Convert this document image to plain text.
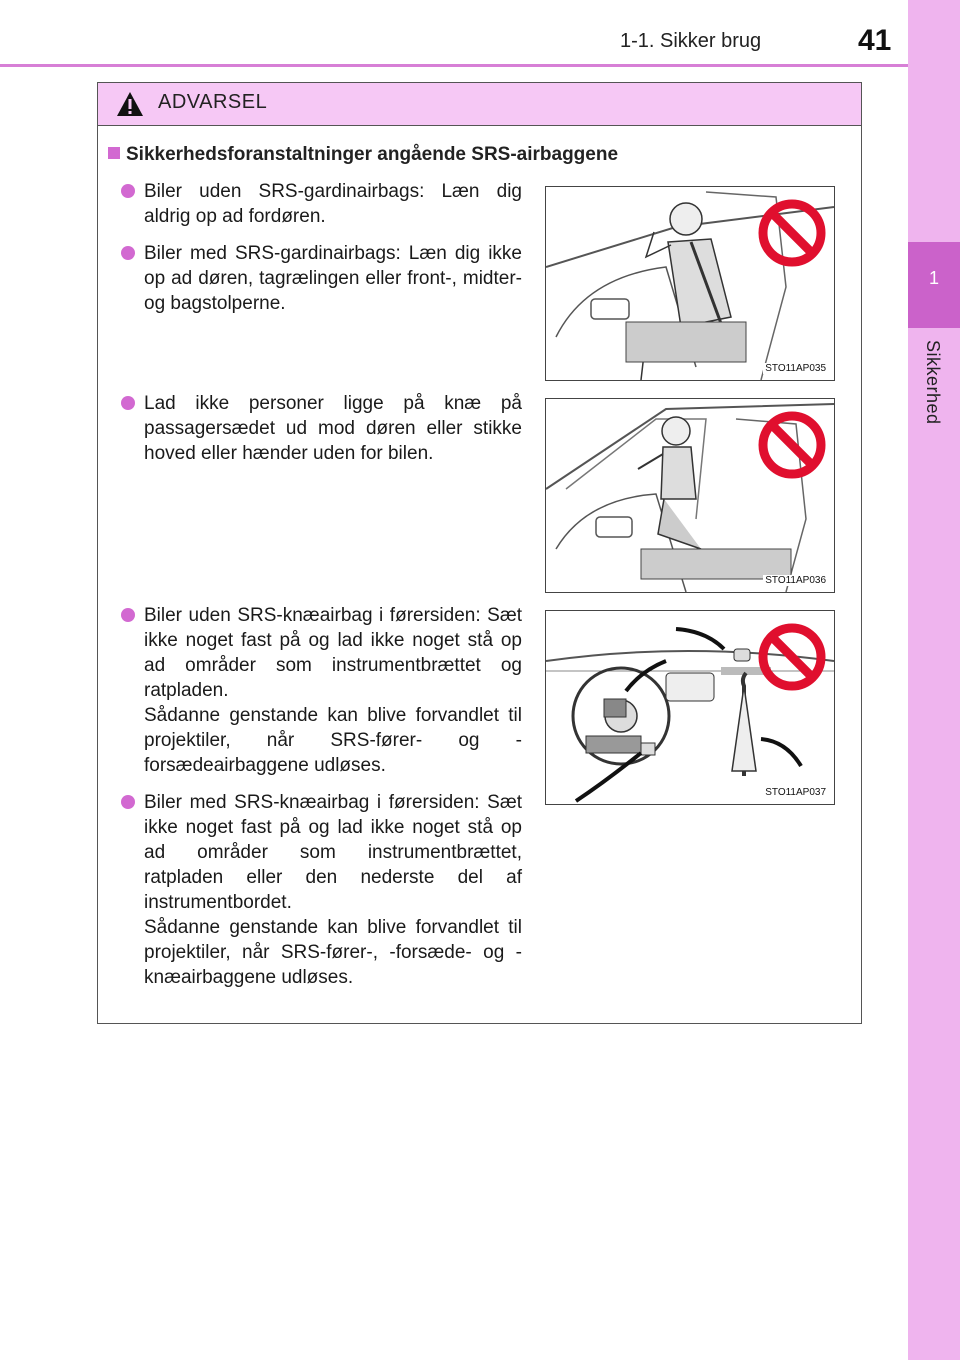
1-1. Sikker brug	41
1
Sikkerhed
ADVARSEL
Sikkerhedsforanstaltninger angående SRS-airbaggene
Biler uden SRS-gardinairbags: Læn dig aldrig op ad fordøren.
Biler med SRS-gardinairbags: Læn dig ikke op ad døren, tagrælingen eller front-, midter- og bagstolperne.
STO11AP035
Lad ikke personer ligge på knæ på passagersædet ud mod døren eller stikke hoved eller hænder uden for bilen.
STO11AP036
Biler uden SRS-knæairbag i førersiden: Sæt ikke noget fast på og lad ikke noget stå op ad områder som instrumentbrættet og ratpladen.
Sådanne genstande kan blive forvandlet til projektiler, når SRS-fører- og -forsædeairbaggene udløses.
Biler med SRS-knæairbag i førersiden: Sæt ikke noget fast på og lad ikke noget stå op ad områder som instrumentbrættet, ratpladen eller den nederste del af instrumentbordet.
Sådanne genstande kan blive forvandlet til projektiler, når SRS-fører-, -forsæde- og -knæairbaggene udløses.
STO11AP037
